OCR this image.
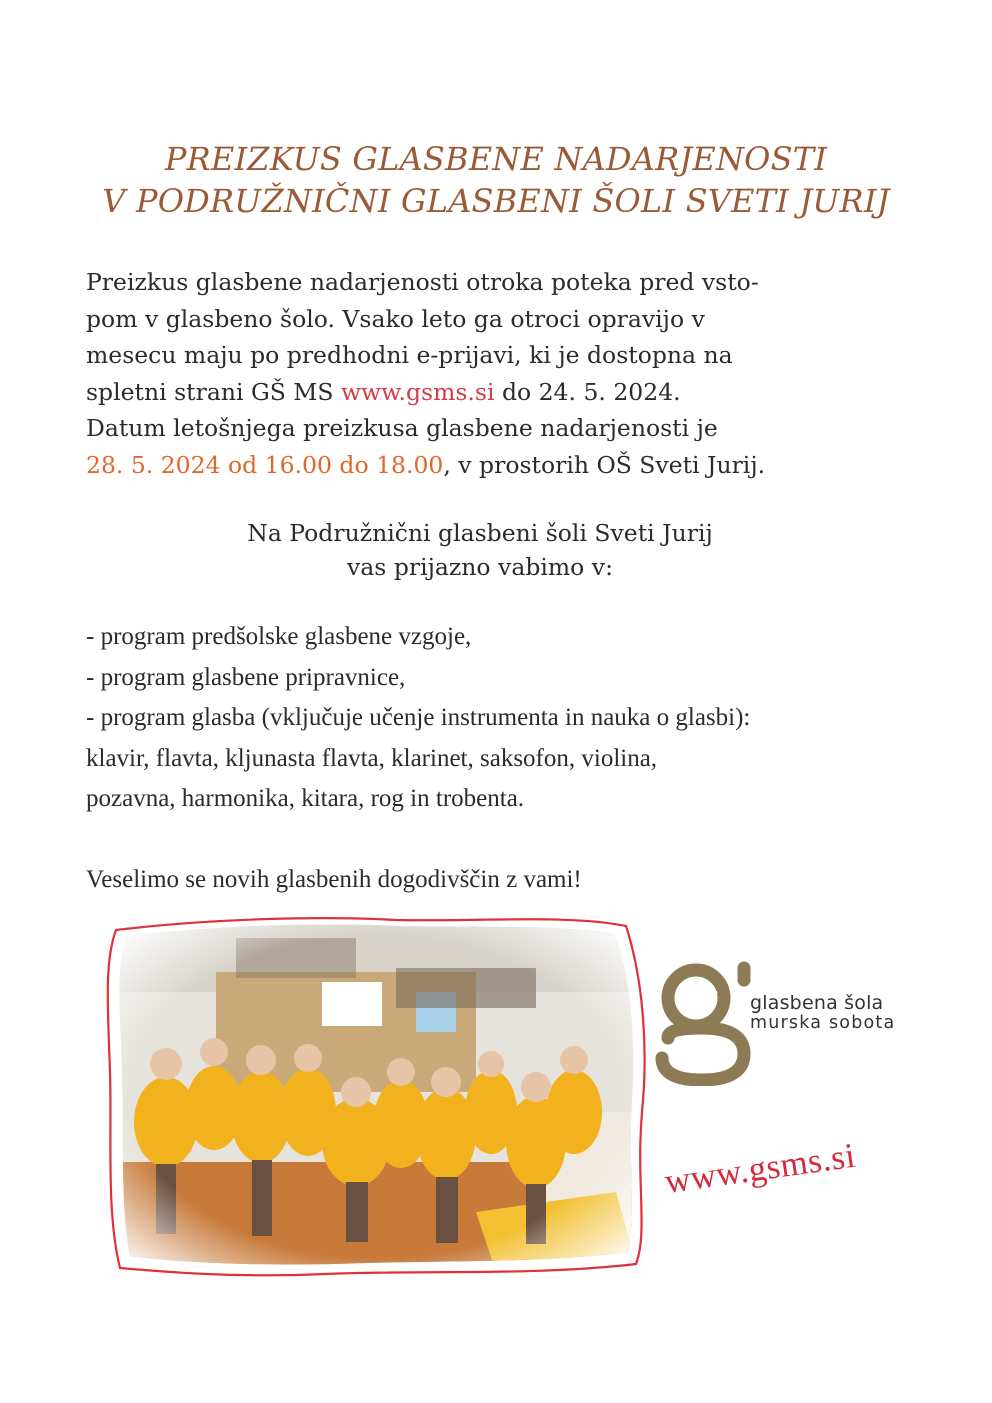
PREIZKUS GLASBENE NADARJENOSTI
V PODRUŽNIČNI GLASBENI ŠOLI SVETI JURIJ
Preizkus glasbene nadarjenosti otroka poteka pred vsto-
pom v glasbeno šolo. Vsako leto ga otroci opravijo v
mesecu maju po predhodni e-prijavi, ki je dostopna na
spletni strani GŠ MS www.gsms.si do 24. 5. 2024.
Datum letošnjega preizkusa glasbene nadarjenosti je
28. 5. 2024 od 16.00 do 18.00, v prostorih OŠ Sveti Jurij.
Na Podružnični glasbeni šoli Sveti Jurij
vas prijazno vabimo v:
- program predšolske glasbene vzgoje,
- program glasbene pripravnice,
- program glasba (vključuje učenje instrumenta in nauka o glasbi):
klavir, flavta, kljunasta flavta, klarinet, saksofon, violina,
pozavna, harmonika, kitara, rog in trobenta.
Veselimo se novih glasbenih dogodivščin z vami!
glasbena šola
murska sobota
www.gsms.si
